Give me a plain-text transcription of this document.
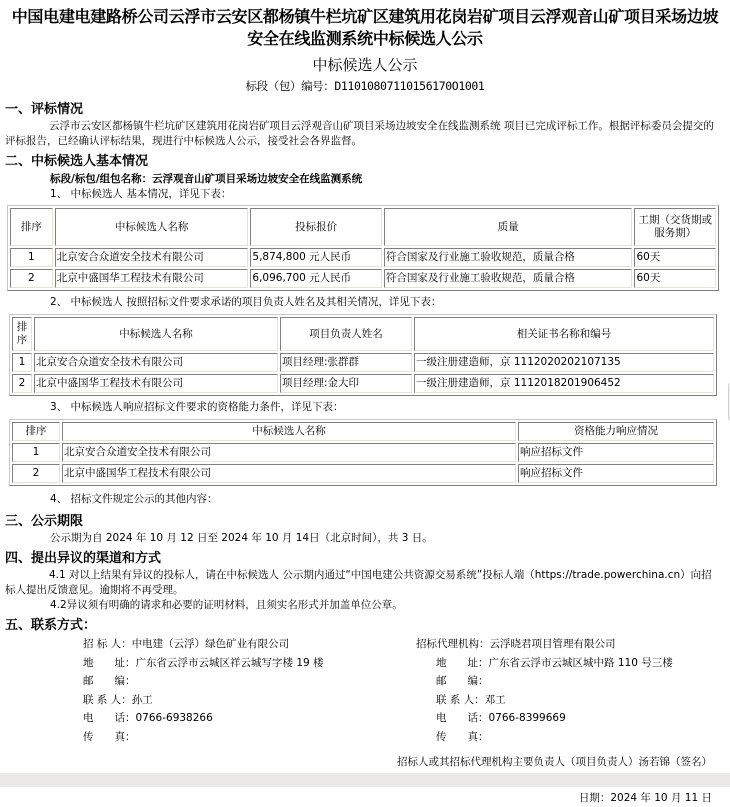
中国电建电建路桥公司云浮市云安区都杨镇牛栏坑矿区建筑用花岗岩矿项目云浮观音山矿项目采场边坡安全在线监测系统中标候选人公示
中标候选人公示
标段（包）编号：D11010807110156170O1001
一、评标情况
云浮市云安区都杨镇牛栏坑矿区建筑用花岗岩矿项目云浮观音山矿项目采场边坡安全在线监测系统 项目已完成评标工作。根据评标委员会提交的评标报告，已经确认评标结果，现进行中标候选人公示，接受社会各界监督。
二、中标候选人基本情况
标段/标包/组包名称：云浮观音山矿项目采场边坡安全在线监测系统
1、 中标候选人 基本情况，详见下表：
排序	中标候选人名称	投标报价	质量	工期（交货期或服务期）
1	北京安合众道安全技术有限公司	5,874,800 元人民币	符合国家及行业施工验收规范，质量合格	60天
2	北京中盛国华工程技术有限公司	6,096,700 元人民币	符合国家及行业施工验收规范，质量合格	60天
2、 中标候选人 按照招标文件要求承诺的项目负责人姓名及其相关情况，详见下表：
排序	中标候选人名称	项目负责人姓名	相关证书名称和编号
1	北京安合众道安全技术有限公司	项目经理:张群群	一级注册建造师，京 1112020202107135
2	北京中盛国华工程技术有限公司	项目经理:金大印	一级注册建造师，京 1112018201906452
3、 中标候选人响应招标文件要求的资格能力条件，详见下表：
排序	中标候选人名称	资格能力响应情况
1	北京安合众道安全技术有限公司	响应招标文件
2	北京中盛国华工程技术有限公司	响应招标文件
4、 招标文件规定公示的其他内容：
三、公示期限
公示期为自 2024 年 10 月 12 日至 2024 年 10 月 14日（北京时间），共 3 日。
四、提出异议的渠道和方式
4.1 对以上结果有异议的投标人，请在中标候选人 公示期内通过“中国电建公共资源交易系统”投标人端（https://trade.powerchina.cn）向招标人提出反馈意见。逾期将不再受理。
4.2异议须有明确的请求和必要的证明材料，且须实名形式并加盖单位公章。
五、联系方式：
招 标 人：中电建（云浮）绿色矿业有限公司
地　　址：广东省云浮市云城区祥云城写字楼 19 楼
邮　　编：
联 系 人：孙工
电　　话：0766-6938266
传　　真：
招标代理机构：云浮晓君项目管理有限公司
地　　址：广东省云浮市云城区城中路 110 号三楼
邮　　编：
联 系 人：邓工
电　　话：0766-8399669
传　　真：
招标人或其招标代理机构主要负责人（项目负责人）汤若锦（签名）
日期：2024 年 10 月 11 日
